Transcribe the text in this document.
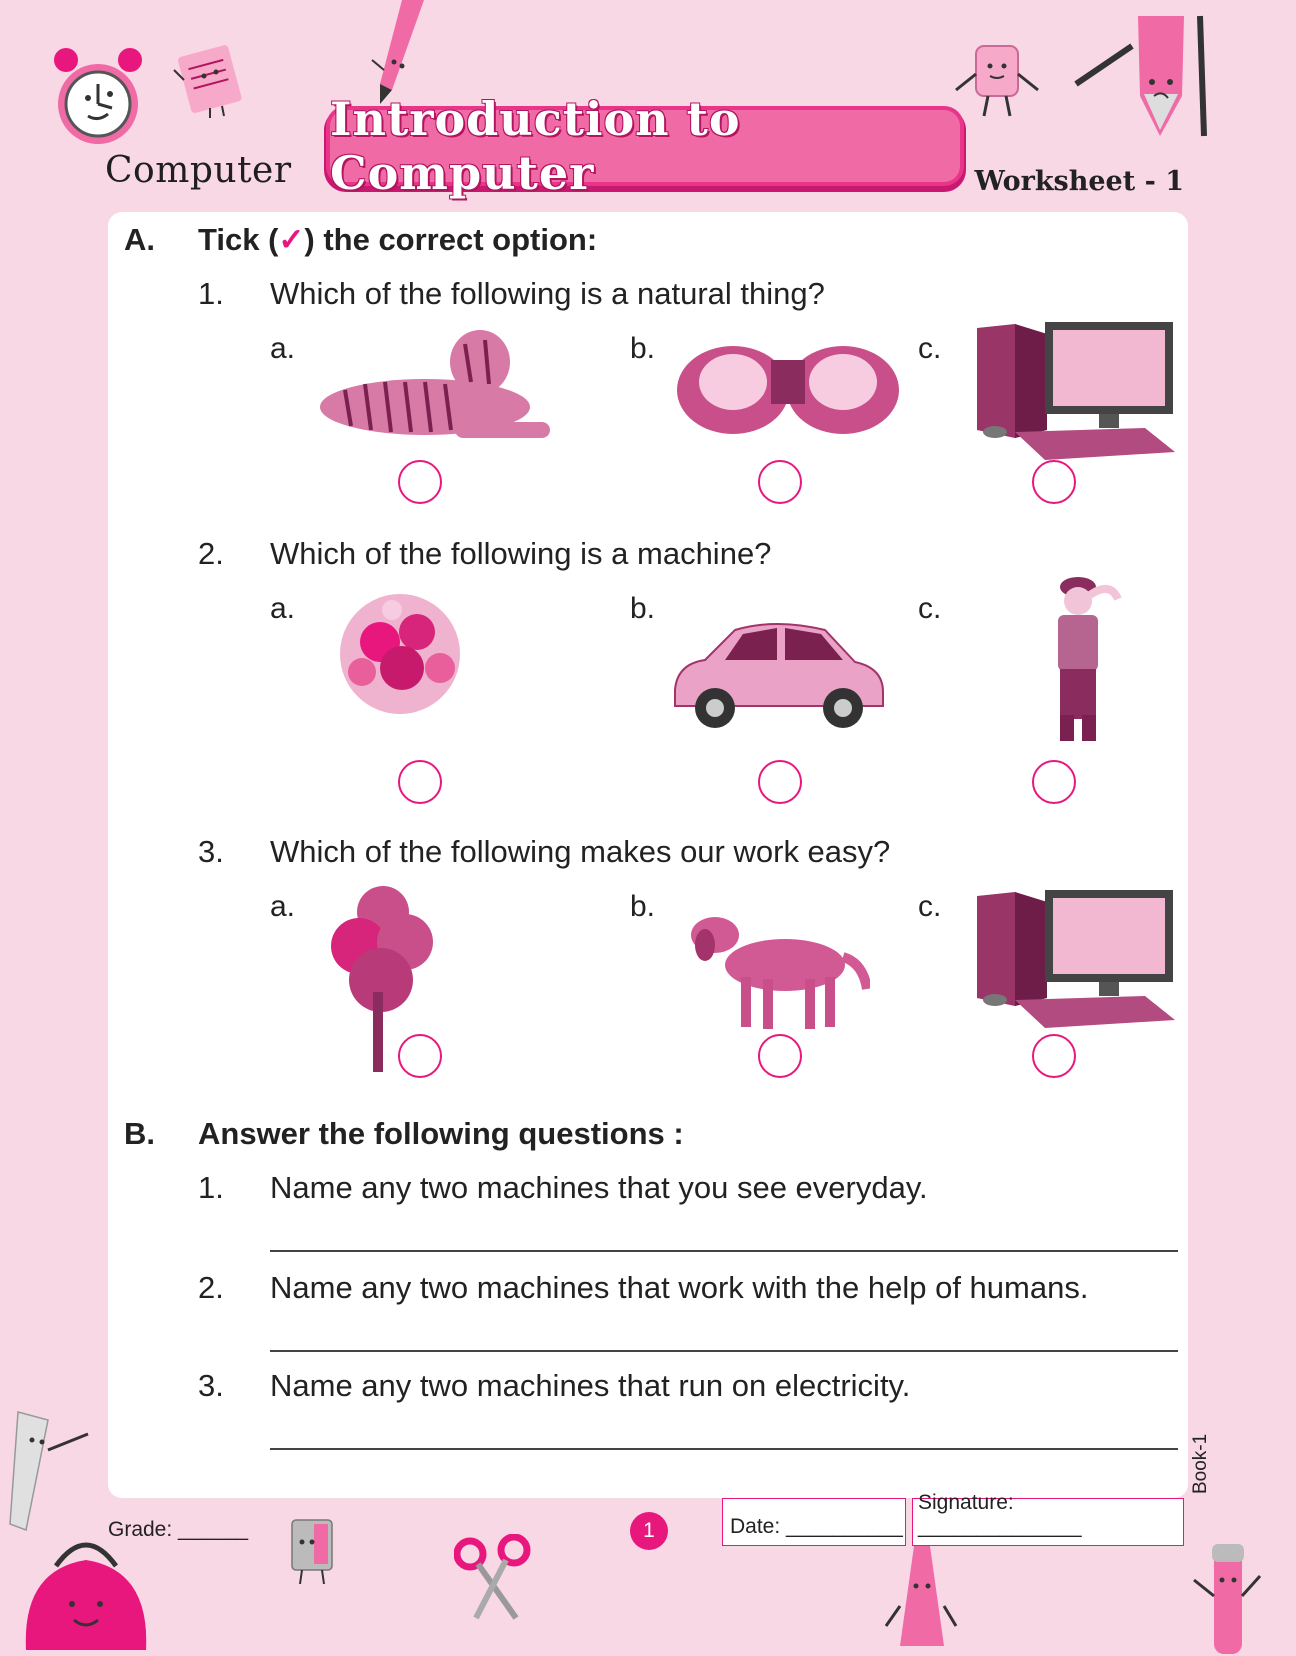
Computer
Introduction to Computer	Worksheet - 1
A. Tick (✓) the correct option:
1. Which of the following is a natural thing?
a.	b.	c.
2. Which of the following is a machine?
a.	b.	c.
3. Which of the following makes our work easy?
a.	b.	c.
B. Answer the following questions :
1. Name any two machines that you see everyday.
2. Name any two machines that work with the help of humans.
3. Name any two machines that run on electricity.
Book-1
Grade: ______	1	Date: __________
Signature: ______________
